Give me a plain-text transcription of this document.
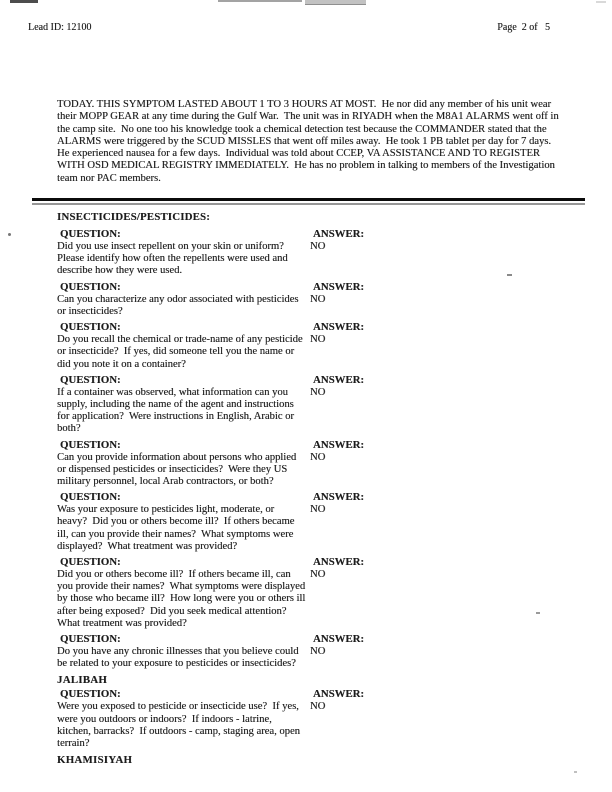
Lead ID: 12100	Page  2 of   5
TODAY. THIS SYMPTOM LASTED ABOUT 1 TO 3 HOURS AT MOST.  He nor did any member of his unit wear their MOPP GEAR at any time during the Gulf War.  The unit was in RIYADH when the M8A1 ALARMS went off in the camp site.  No one too his knowledge took a chemical detection test because the COMMANDER stated that the ALARMS were triggered by the SCUD MISSLES that went off miles away.  He took 1 PB tablet per day for 7 days.  He experienced nausea for a few days.  Individual was told about CCEP, VA ASSISTANCE AND TO REGISTER WITH OSD MEDICAL REGISTRY IMMEDIATELY.  He has no problem in talking to members of the Investigation team nor PAC members.
INSECTICIDES/PESTICIDES:
QUESTION:
Did you use insect repellent on your skin or uniform?  Please identify how often the repellents were used and describe how they were used.
ANSWER:
NO
QUESTION:
Can you characterize any odor associated with pesticides or insecticides?
ANSWER:
NO
QUESTION:
Do you recall the chemical or trade-name of any pesticide or insecticide?  If yes, did someone tell you the name or did you note it on a container?
ANSWER:
NO
QUESTION:
If a container was observed, what information can you supply, including the name of the agent and instructions for application?  Were instructions in English, Arabic or both?
ANSWER:
NO
QUESTION:
Can you provide information about persons who applied or dispensed pesticides or insecticides?  Were they US military personnel, local Arab contractors, or both?
ANSWER:
NO
QUESTION:
Was your exposure to pesticides light, moderate, or heavy?  Did you or others become ill?  If others became ill, can you provide their names?  What symptoms were displayed?  What treatment was provided?
ANSWER:
NO
QUESTION:
Did you or others become ill?  If others became ill, can you provide their names?  What symptoms were displayed by those who became ill?  How long were you or others ill after being exposed?  Did you seek medical attention?  What treatment was provided?
ANSWER:
NO
QUESTION:
Do you have any chronic illnesses that you believe could be related to your exposure to pesticides or insecticides?
ANSWER:
NO
JALIBAH
QUESTION:
Were you exposed to pesticide or insecticide use?  If yes, were you outdoors or indoors?  If indoors - latrine, kitchen, barracks?  If outdoors - camp, staging area, open terrain?
ANSWER:
NO
KHAMISIYAH
